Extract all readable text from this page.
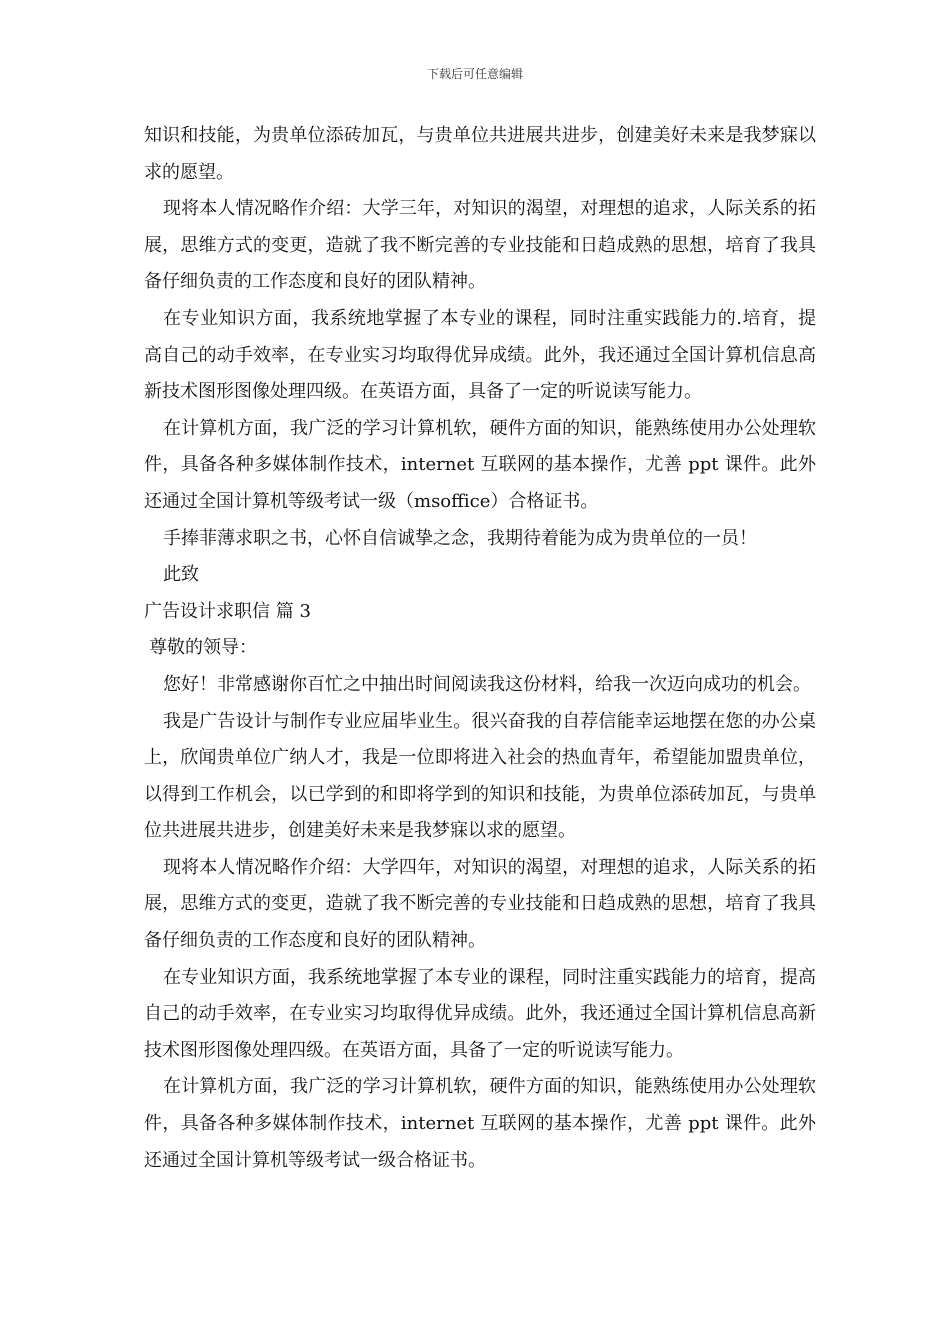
下载后可任意编辑

知识和技能，为贵单位添砖加瓦，与贵单位共进展共进步，创建美好未来是我梦寐以求的愿望。

现将本人情况略作介绍：大学三年，对知识的渴望，对理想的追求，人际关系的拓展，思维方式的变更，造就了我不断完善的专业技能和日趋成熟的思想，培育了我具备仔细负责的工作态度和良好的团队精神。

在专业知识方面，我系统地掌握了本专业的课程，同时注重实践能力的.培育，提高自己的动手效率，在专业实习均取得优异成绩。此外，我还通过全国计算机信息高新技术图形图像处理四级。在英语方面，具备了一定的听说读写能力。

在计算机方面，我广泛的学习计算机软，硬件方面的知识，能熟练使用办公处理软件，具备各种多媒体制作技术，internet 互联网的基本操作，尤善 ppt 课件。此外还通过全国计算机等级考试一级（msoffice）合格证书。

手捧菲薄求职之书，心怀自信诚挚之念，我期待着能为成为贵单位的一员！

此致

广告设计求职信 篇 3

尊敬的领导：

您好！非常感谢你百忙之中抽出时间阅读我这份材料，给我一次迈向成功的机会。

我是广告设计与制作专业应届毕业生。很兴奋我的自荐信能幸运地摆在您的办公桌上，欣闻贵单位广纳人才，我是一位即将进入社会的热血青年，希望能加盟贵单位，以得到工作机会，以已学到的和即将学到的知识和技能，为贵单位添砖加瓦，与贵单位共进展共进步，创建美好未来是我梦寐以求的愿望。

现将本人情况略作介绍：大学四年，对知识的渴望，对理想的追求，人际关系的拓展，思维方式的变更，造就了我不断完善的专业技能和日趋成熟的思想，培育了我具备仔细负责的工作态度和良好的团队精神。

在专业知识方面，我系统地掌握了本专业的课程，同时注重实践能力的培育，提高自己的动手效率，在专业实习均取得优异成绩。此外，我还通过全国计算机信息高新技术图形图像处理四级。在英语方面，具备了一定的听说读写能力。

在计算机方面，我广泛的学习计算机软，硬件方面的知识，能熟练使用办公处理软件，具备各种多媒体制作技术，internet 互联网的基本操作，尤善 ppt 课件。此外还通过全国计算机等级考试一级合格证书。
